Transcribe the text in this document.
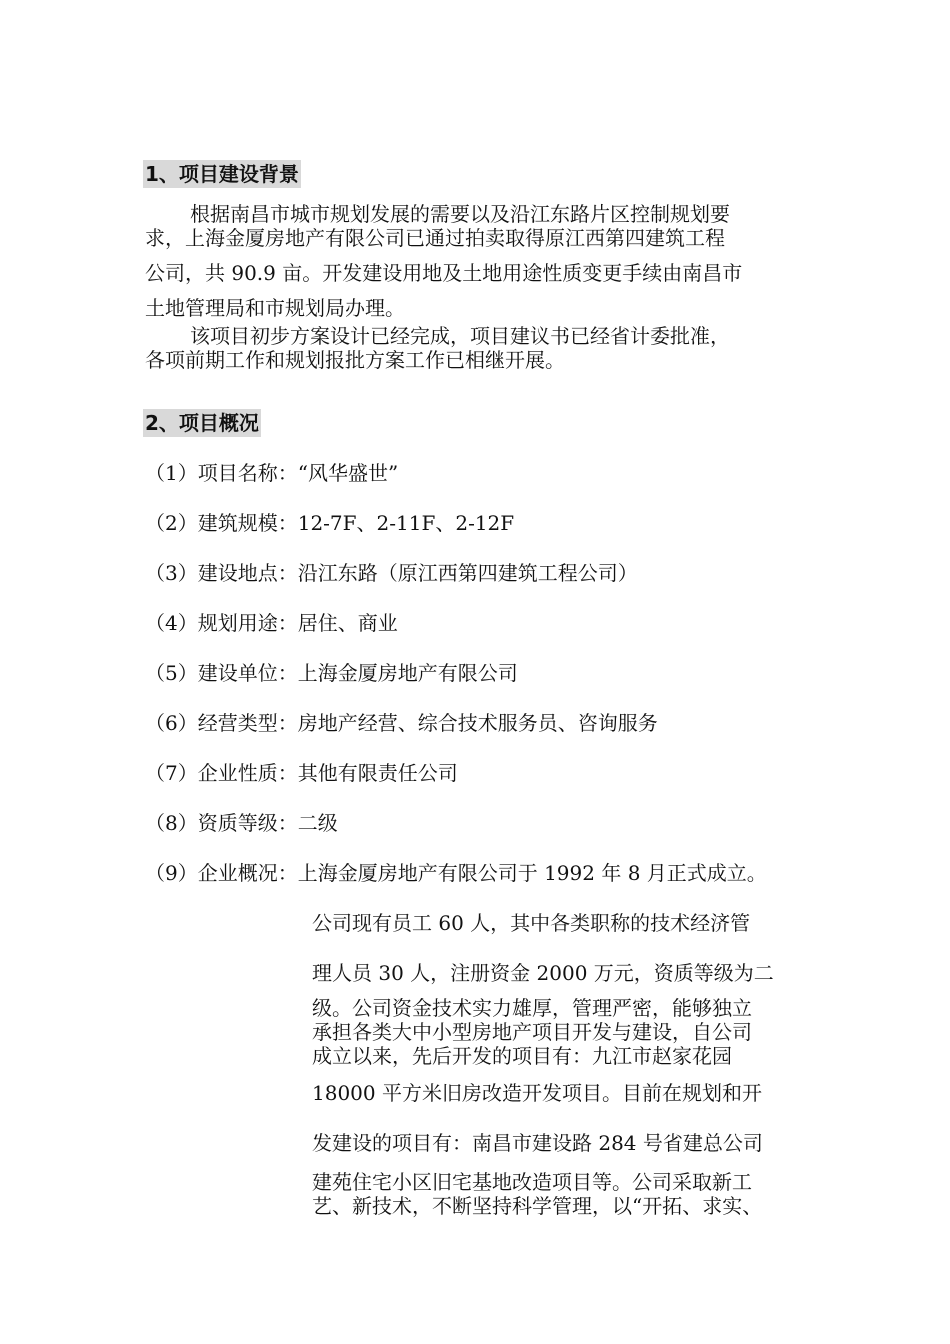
1、项目建设背景
根据南昌市城市规划发展的需要以及沿江东路片区控制规划要
求，上海金厦房地产有限公司已通过拍卖取得原江西第四建筑工程
公司，共 90.9 亩。开发建设用地及土地用途性质变更手续由南昌市
土地管理局和市规划局办理。
该项目初步方案设计已经完成，项目建议书已经省计委批准，
各项前期工作和规划报批方案工作已相继开展。
2、项目概况
（1）项目名称：“风华盛世”
（2）建筑规模：12-7F、2-11F、2-12F
（3）建设地点：沿江东路（原江西第四建筑工程公司）
（4）规划用途：居住、商业
（5）建设单位：上海金厦房地产有限公司
（6）经营类型：房地产经营、综合技术服务员、咨询服务
（7）企业性质：其他有限责任公司
（8）资质等级：二级
（9）企业概况：上海金厦房地产有限公司于 1992 年 8 月正式成立。
公司现有员工 60 人，其中各类职称的技术经济管
理人员 30 人，注册资金 2000 万元，资质等级为二
级。公司资金技术实力雄厚，管理严密，能够独立
承担各类大中小型房地产项目开发与建设，自公司
成立以来，先后开发的项目有：九江市赵家花园
18000 平方米旧房改造开发项目。目前在规划和开
发建设的项目有：南昌市建设路 284 号省建总公司
建苑住宅小区旧宅基地改造项目等。公司采取新工
艺、新技术，不断坚持科学管理，以“开拓、求实、
